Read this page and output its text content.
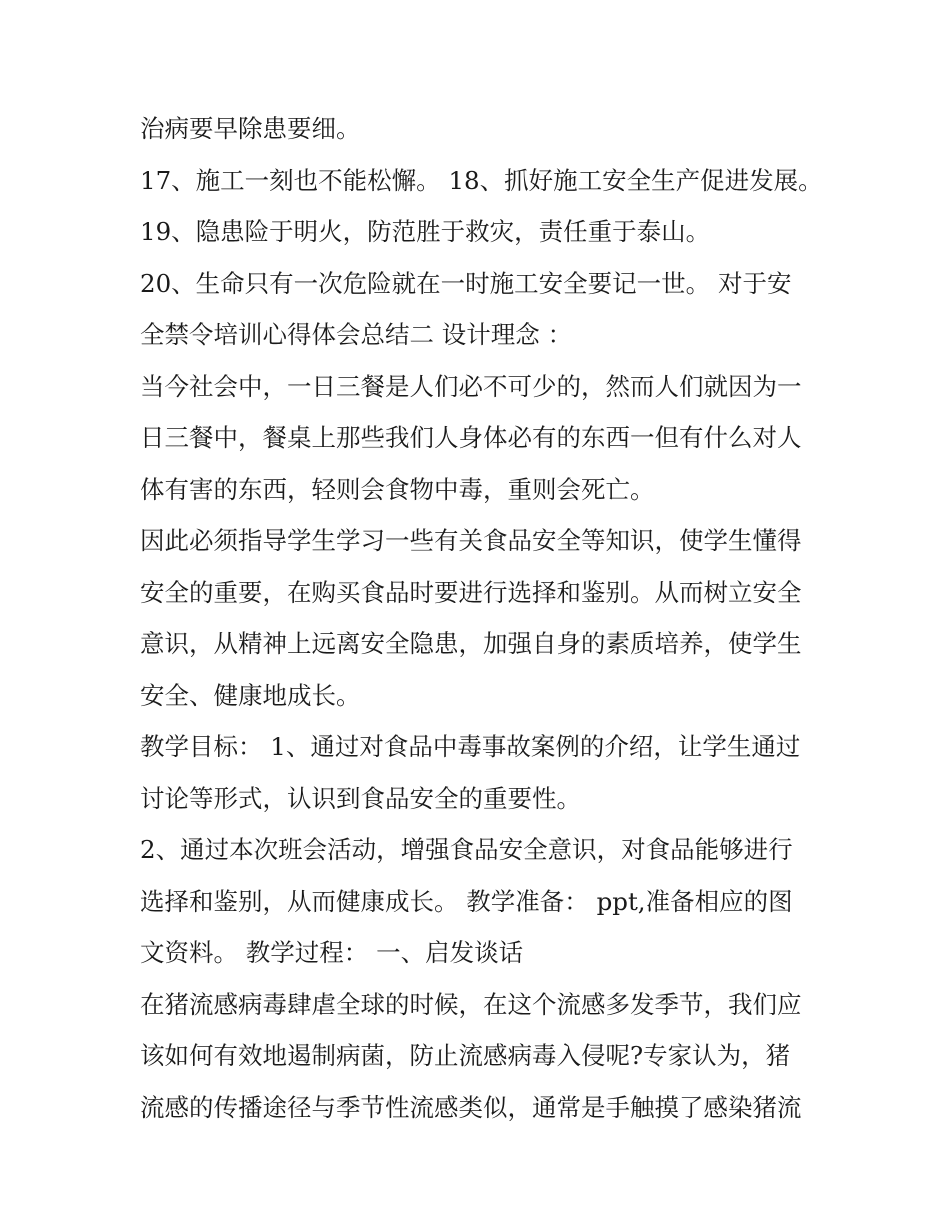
治病要早除患要细。
17、施工一刻也不能松懈。 18、抓好施工安全生产促进发展。
19、隐患险于明火，防范胜于救灾，责任重于泰山。
20、生命只有一次危险就在一时施工安全要记一世。 对于安
全禁令培训心得体会总结二 设计理念 ：
当今社会中，一日三餐是人们必不可少的，然而人们就因为一
日三餐中，餐桌上那些我们人身体必有的东西一但有什么对人
体有害的东西，轻则会食物中毒，重则会死亡。
因此必须指导学生学习一些有关食品安全等知识，使学生懂得
安全的重要，在购买食品时要进行选择和鉴别。从而树立安全
意识，从精神上远离安全隐患，加强自身的素质培养，使学生
安全、健康地成长。
教学目标： 1、通过对食品中毒事故案例的介绍，让学生通过
讨论等形式，认识到食品安全的重要性。
2、通过本次班会活动，增强食品安全意识，对食品能够进行
选择和鉴别，从而健康成长。 教学准备： ppt,准备相应的图
文资料。 教学过程： 一、启发谈话
在猪流感病毒肆虐全球的时候，在这个流感多发季节，我们应
该如何有效地遏制病菌，防止流感病毒入侵呢?专家认为，猪
流感的传播途径与季节性流感类似，通常是手触摸了感染猪流
